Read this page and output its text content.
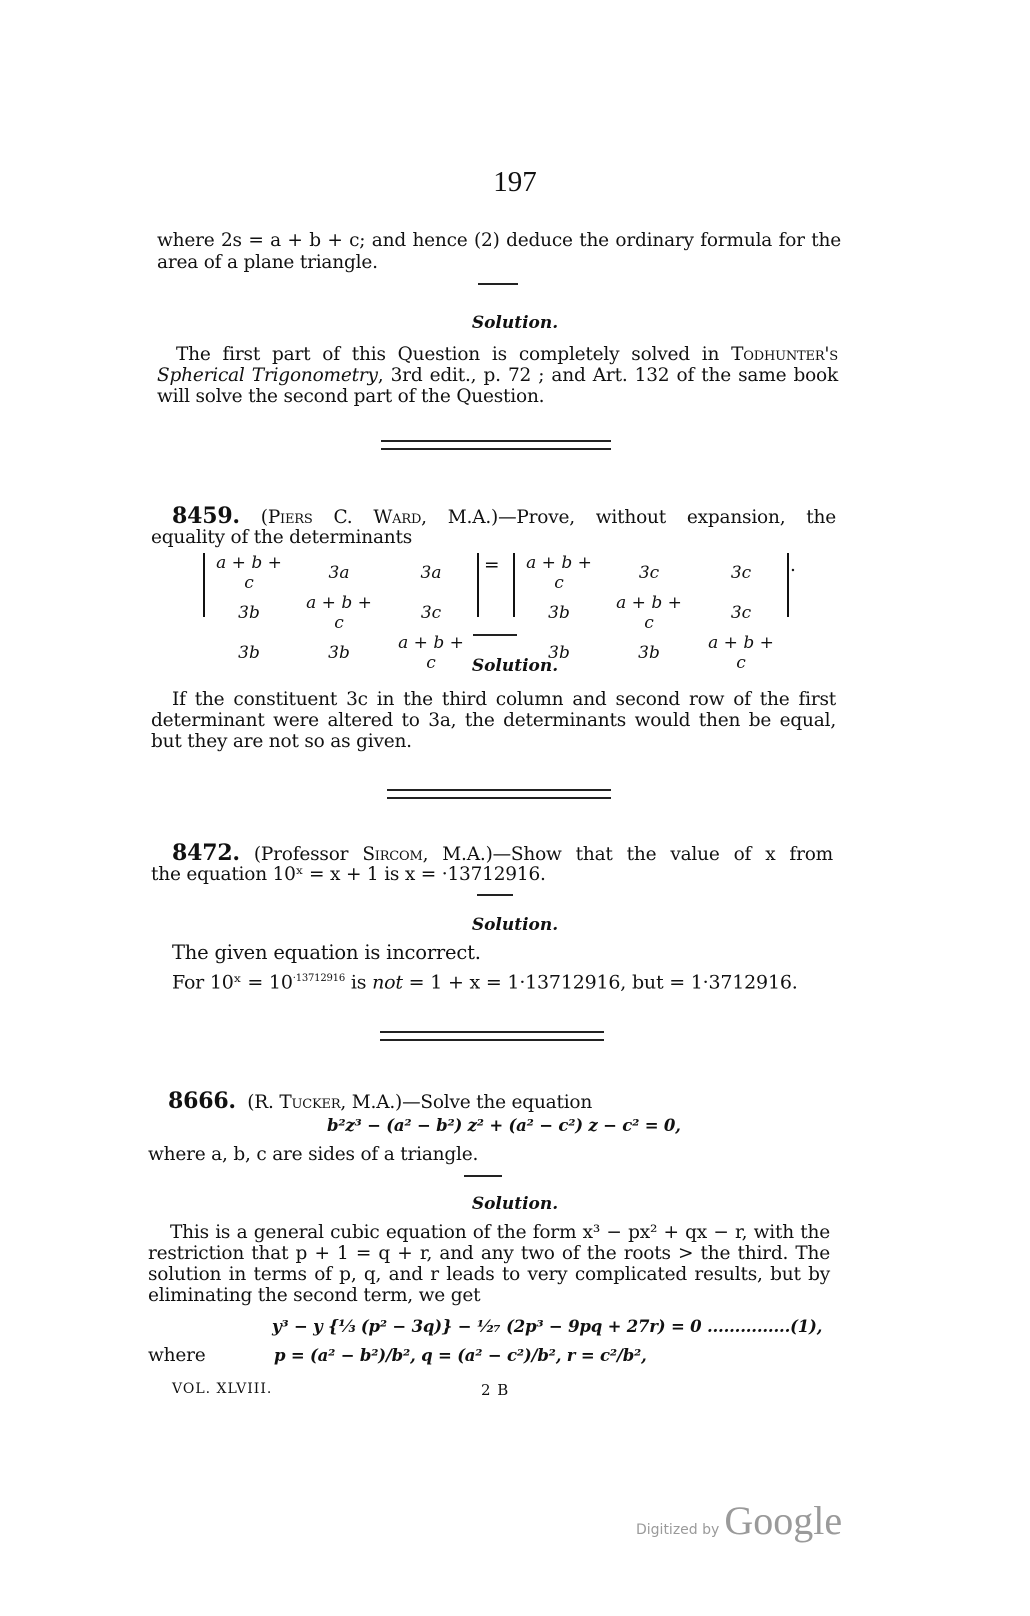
197
where 2s = a + b + c; and hence (2) deduce the ordinary formula for the
area of a plane triangle.
Solution.
The first part of this Question is completely solved in Todhunter's
Spherical Trigonometry, 3rd edit., p. 72 ; and Art. 132 of the same book
will solve the second part of the Question.
8459. (Piers C. Ward, M.A.)—Prove, without expansion, the
equality of the determinants
a + b + c	3a	3a
3b	a + b + c	3c
3b	3b	a + b + c
= a + b + c	3c	3c
3b	a + b + c	3c
3b	3b	a + b + c
.
Solution.
If the constituent 3c in the third column and second row of the first
determinant were altered to 3a, the determinants would then be equal,
but they are not so as given.
8472. (Professor Sircom, M.A.)—Show that the value of x from
the equation 10ˣ = x + 1 is x = ·13712916.
Solution.
The given equation is incorrect.
For 10ˣ = $10^{\cdot 13712916}$ is not = 1 + x = 1·13712916, but = 1·3712916.
8666. (R. Tucker, M.A.)—Solve the equation
b²z³ − (a² − b²) z² + (a² − c²) z − c² = 0,
where a, b, c are sides of a triangle.
Solution.
This is a general cubic equation of the form x³ − px² + qx − r, with the
restriction that p + 1 = q + r, and any two of the roots > the third. The
solution in terms of p, q, and r leads to very complicated results, but by
eliminating the second term, we get
y³ − y {⅓ (p² − 3q)} − ¹⁄₂₇ (2p³ − 9pq + 27r) = 0 ...............(1),
where	p = (a² − b²)/b², q = (a² − c²)/b², r = c²/b²,
VOL. XLVIII.	2 B
Digitized by Google
